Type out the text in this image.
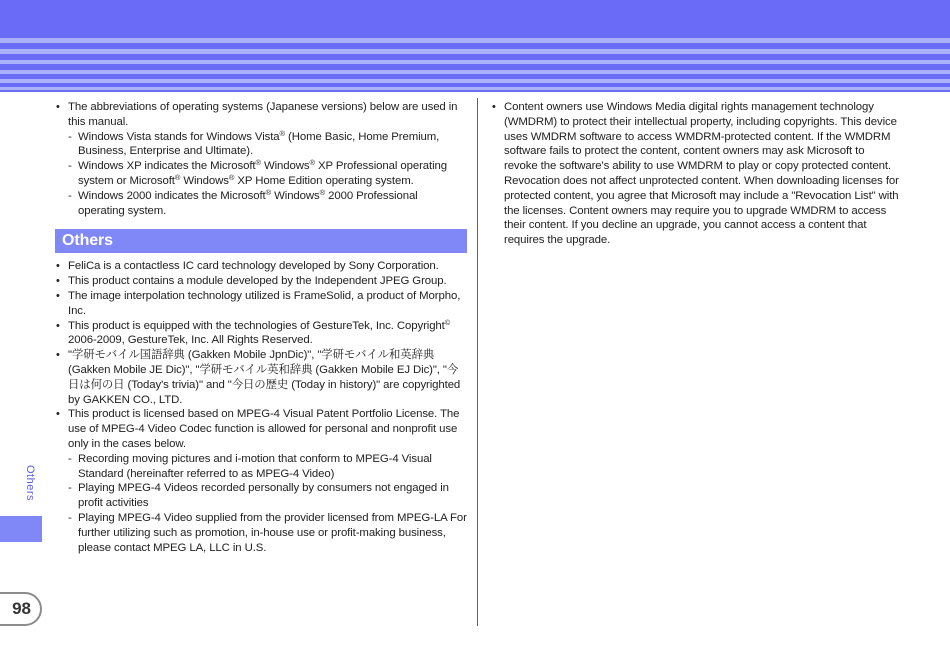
• The abbreviations of operating systems (Japanese versions) below are used in this manual.
- Windows Vista stands for Windows Vista® (Home Basic, Home Premium, Business, Enterprise and Ultimate).
- Windows XP indicates the Microsoft® Windows® XP Professional operating system or Microsoft® Windows® XP Home Edition operating system.
- Windows 2000 indicates the Microsoft® Windows® 2000 Professional operating system.
Others
• FeliCa is a contactless IC card technology developed by Sony Corporation.
• This product contains a module developed by the Independent JPEG Group.
• The image interpolation technology utilized is FrameSolid, a product of Morpho, Inc.
• This product is equipped with the technologies of GestureTek, Inc. Copyright© 2006-2009, GestureTek, Inc. All Rights Reserved.
• "学研モバイル国語辞典 (Gakken Mobile JpnDic)", "学研モバイル和英辞典 (Gakken Mobile JE Dic)", "学研モバイル英和辞典 (Gakken Mobile EJ Dic)", "今日は何の日 (Today's trivia)" and "今日の歴史 (Today in history)" are copyrighted by GAKKEN CO., LTD.
• This product is licensed based on MPEG-4 Visual Patent Portfolio License. The use of MPEG-4 Video Codec function is allowed for personal and nonprofit use only in the cases below.
- Recording moving pictures and i-motion that conform to MPEG-4 Visual Standard (hereinafter referred to as MPEG-4 Video)
- Playing MPEG-4 Videos recorded personally by consumers not engaged in profit activities
- Playing MPEG-4 Video supplied from the provider licensed from MPEG-LA For further utilizing such as promotion, in-house use or profit-making business, please contact MPEG LA, LLC in U.S.
• Content owners use Windows Media digital rights management technology (WMDRM) to protect their intellectual property, including copyrights. This device uses WMDRM software to access WMDRM-protected content. If the WMDRM software fails to protect the content, content owners may ask Microsoft to revoke the software's ability to use WMDRM to play or copy protected content. Revocation does not affect unprotected content. When downloading licenses for protected content, you agree that Microsoft may include a "Revocation List" with the licenses. Content owners may require you to upgrade WMDRM to access their content. If you decline an upgrade, you cannot access a content that requires the upgrade.
Others
98
